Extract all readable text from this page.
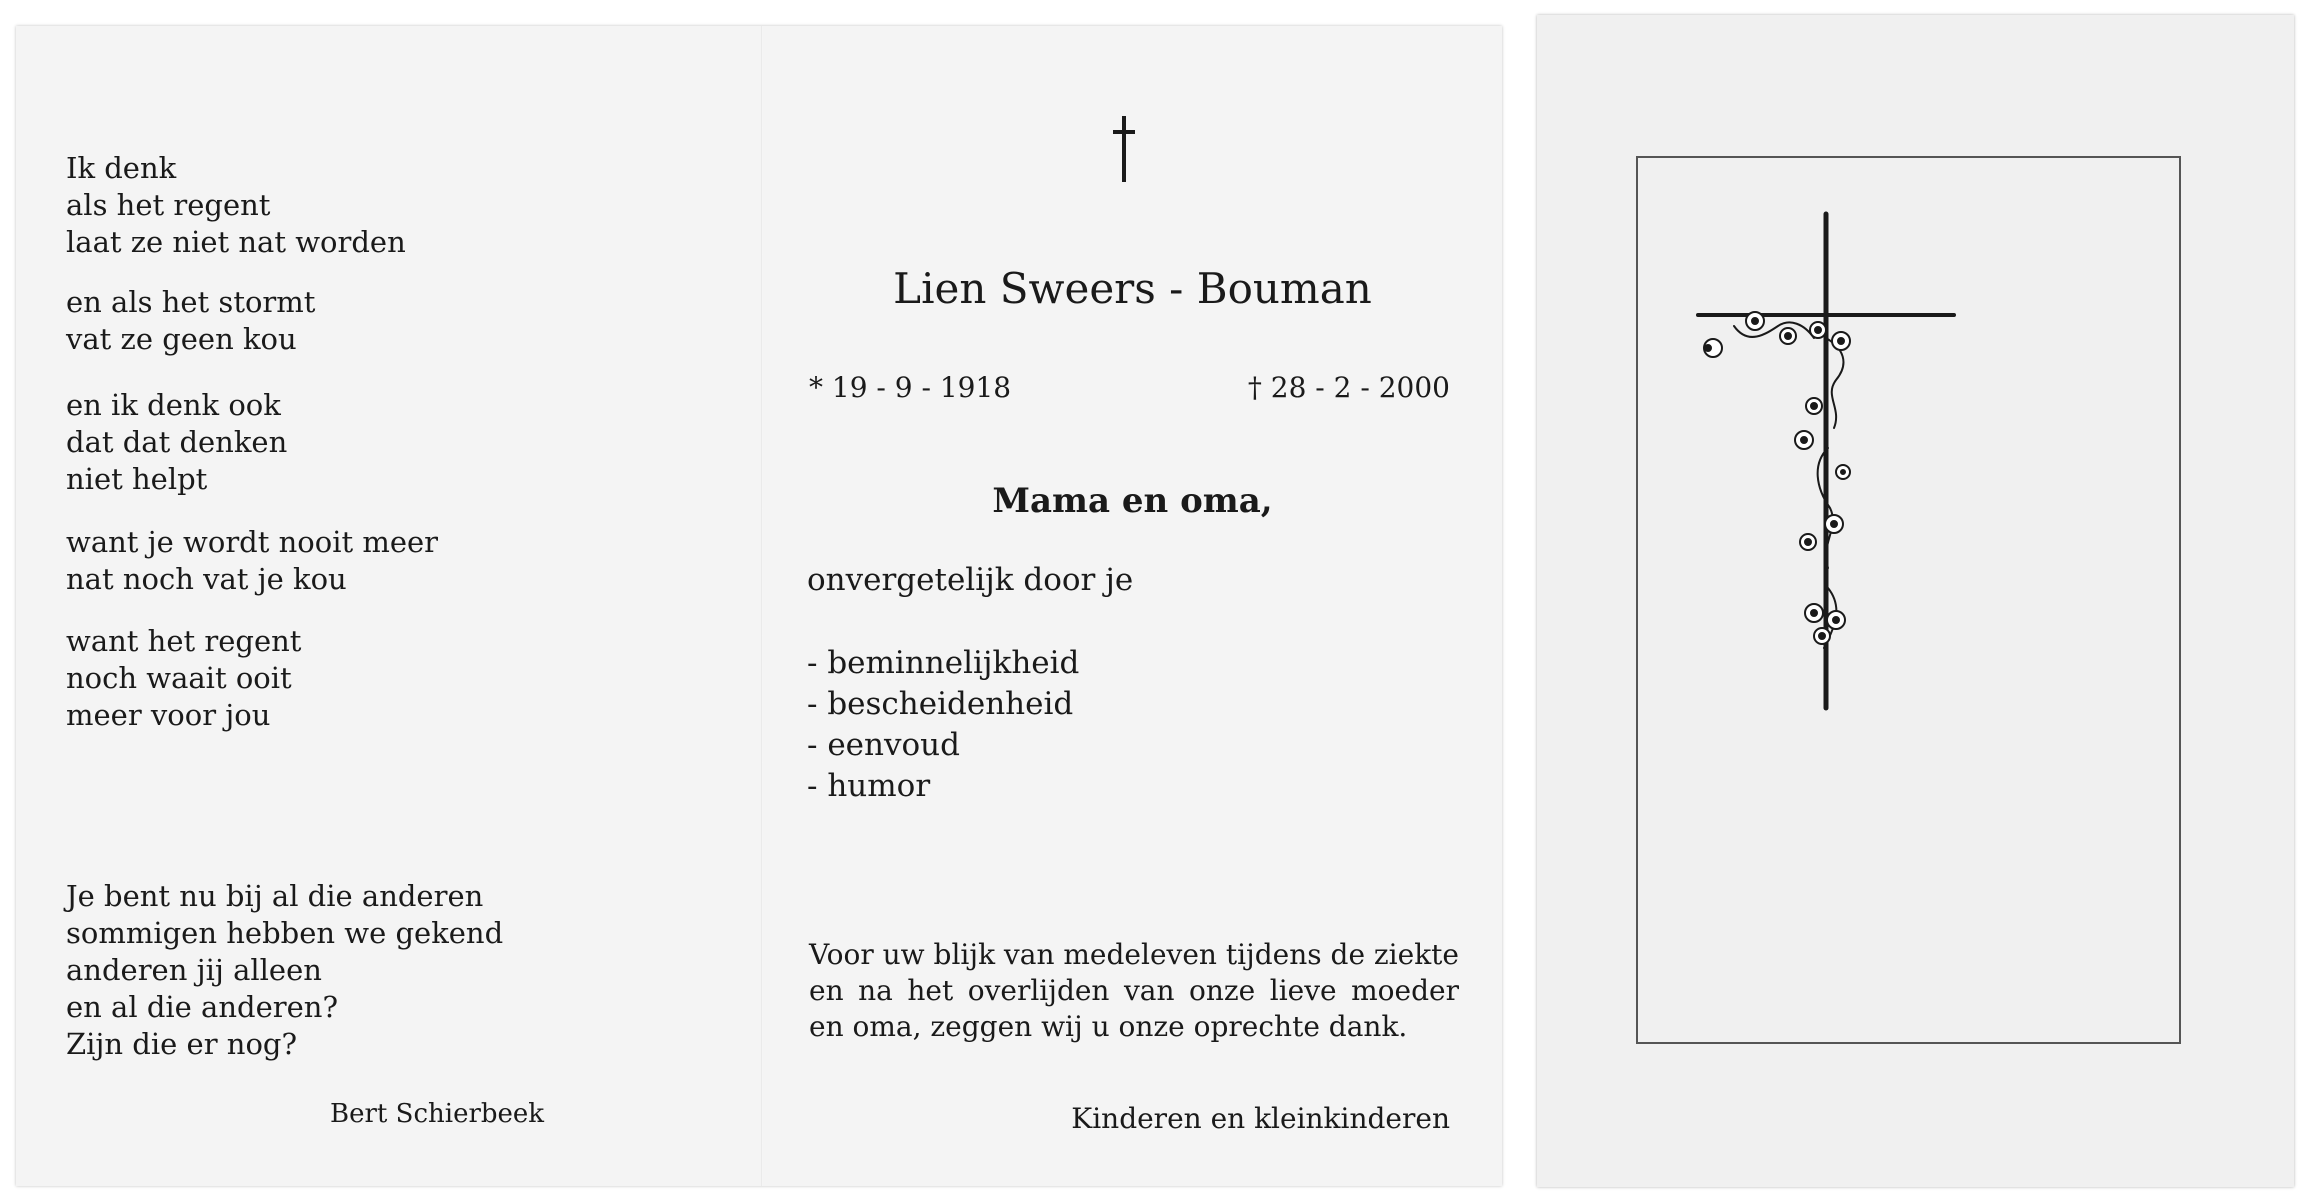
Ik denk
als het regent
laat ze niet nat worden
en als het stormt
vat ze geen kou
en ik denk ook
dat dat denken
niet helpt
want je wordt nooit meer
nat noch vat je kou
want het regent
noch waait ooit
meer voor jou
Je bent nu bij al die anderen
sommigen hebben we gekend
anderen jij alleen
en al die anderen?
Zijn die er nog?
Bert Schierbeek
Lien Sweers - Bouman
* 19 - 9 - 1918	† 28 - 2 - 2000
Mama en oma,
onvergetelijk door je
- beminnelijkheid
- bescheidenheid
- eenvoud
- humor
Voor uw blijk van medeleven tijdens de ziekte en na het overlijden van onze lieve moeder en oma, zeggen wij u onze oprechte dank.
Kinderen en kleinkinderen
